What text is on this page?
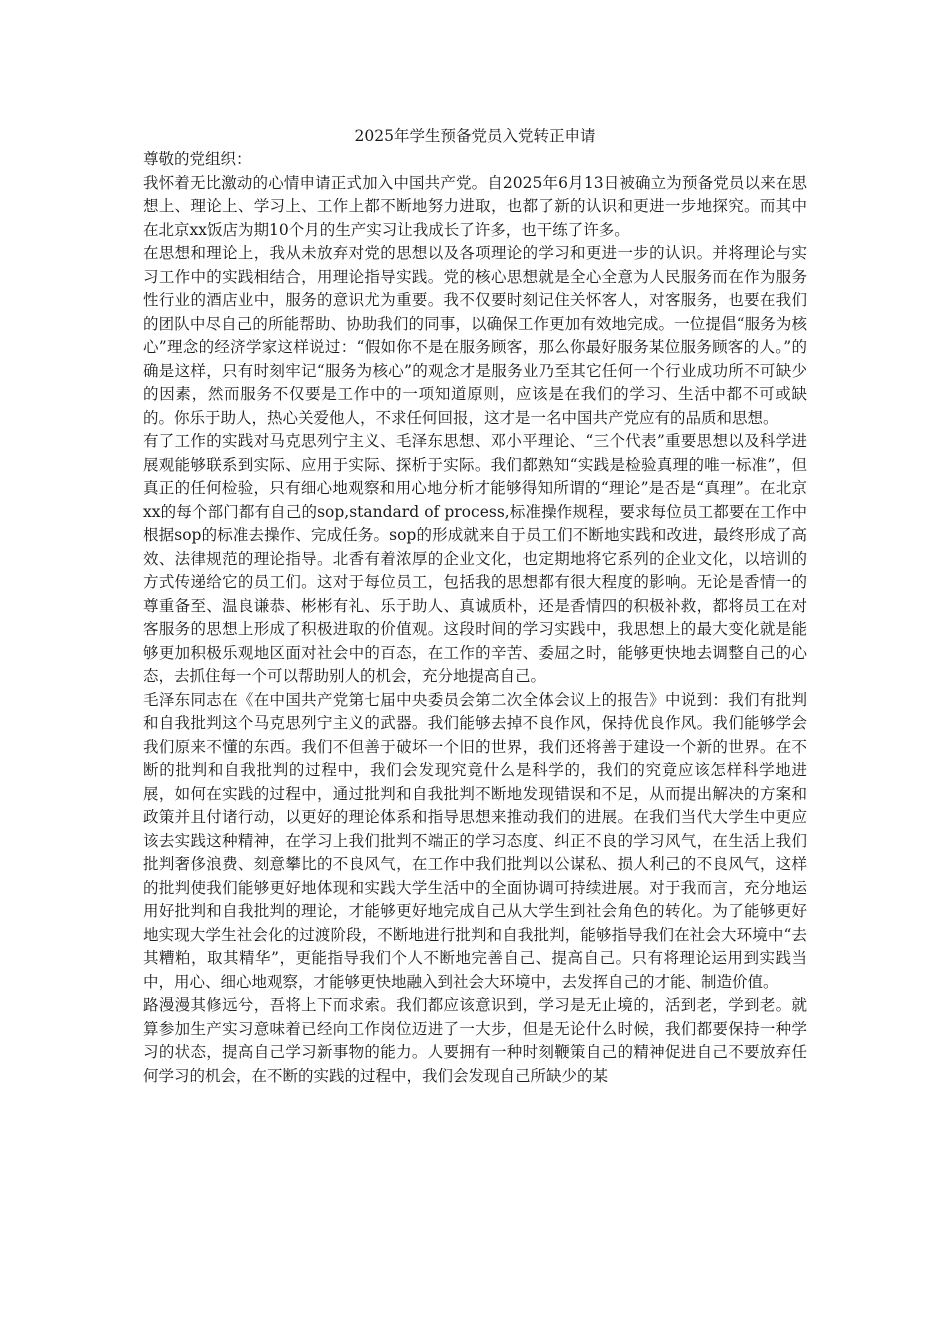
2025年学生预备党员入党转正申请

尊敬的党组织：

我怀着无比激动的心情申请正式加入中国共产党。自2025年6月13日被确立为预备党员以来在思想上、理论上、学习上、工作上都不断地努力进取，也都了新的认识和更进一步地探究。而其中在北京xx饭店为期10个月的生产实习让我成长了许多，也干练了许多。

在思想和理论上，我从未放弃对党的思想以及各项理论的学习和更进一步的认识。并将理论与实习工作中的实践相结合，用理论指导实践。党的核心思想就是全心全意为人民服务而在作为服务性行业的酒店业中，服务的意识尤为重要。我不仅要时刻记住关怀客人，对客服务，也要在我们的团队中尽自己的所能帮助、协助我们的同事，以确保工作更加有效地完成。一位提倡“服务为核心”理念的经济学家这样说过：“假如你不是在服务顾客，那么你最好服务某位服务顾客的人。”的确是这样，只有时刻牢记“服务为核心”的观念才是服务业乃至其它任何一个行业成功所不可缺少的因素，然而服务不仅要是工作中的一项知道原则，应该是在我们的学习、生活中都不可或缺的。你乐于助人，热心关爱他人，不求任何回报，这才是一名中国共产党应有的品质和思想。

有了工作的实践对马克思列宁主义、毛泽东思想、邓小平理论、“三个代表”重要思想以及科学进展观能够联系到实际、应用于实际、探析于实际。我们都熟知“实践是检验真理的唯一标准”，但真正的任何检验，只有细心地观察和用心地分析才能够得知所谓的“理论”是否是“真理”。在北京xx的每个部门都有自己的sop,standard of process,标准操作规程，要求每位员工都要在工作中根据sop的标准去操作、完成任务。sop的形成就来自于员工们不断地实践和改进，最终形成了高效、法律规范的理论指导。北香有着浓厚的企业文化，也定期地将它系列的企业文化，以培训的方式传递给它的员工们。这对于每位员工，包括我的思想都有很大程度的影响。无论是香情一的尊重备至、温良谦恭、彬彬有礼、乐于助人、真诚质朴，还是香情四的积极补救，都将员工在对客服务的思想上形成了积极进取的价值观。这段时间的学习实践中，我思想上的最大变化就是能够更加积极乐观地区面对社会中的百态，在工作的辛苦、委屈之时，能够更快地去调整自己的心态，去抓住每一个可以帮助别人的机会，充分地提高自己。

毛泽东同志在《在中国共产党第七届中央委员会第二次全体会议上的报告》中说到：我们有批判和自我批判这个马克思列宁主义的武器。我们能够去掉不良作风，保持优良作风。我们能够学会我们原来不懂的东西。我们不但善于破坏一个旧的世界，我们还将善于建设一个新的世界。在不断的批判和自我批判的过程中，我们会发现究竟什么是科学的，我们的究竟应该怎样科学地进展，如何在实践的过程中，通过批判和自我批判不断地发现错误和不足，从而提出解决的方案和政策并且付诸行动，以更好的理论体系和指导思想来推动我们的进展。在我们当代大学生中更应该去实践这种精神，在学习上我们批判不端正的学习态度、纠正不良的学习风气，在生活上我们批判奢侈浪费、刻意攀比的不良风气，在工作中我们批判以公谋私、损人利己的不良风气，这样的批判使我们能够更好地体现和实践大学生活中的全面协调可持续进展。对于我而言，充分地运用好批判和自我批判的理论，才能够更好地完成自己从大学生到社会角色的转化。为了能够更好地实现大学生社会化的过渡阶段，不断地进行批判和自我批判，能够指导我们在社会大环境中“去其糟粕，取其精华”，更能指导我们个人不断地完善自己、提高自己。只有将理论运用到实践当中，用心、细心地观察，才能够更快地融入到社会大环境中，去发挥自己的才能、制造价值。

路漫漫其修远兮，吾将上下而求索。我们都应该意识到，学习是无止境的，活到老，学到老。就算参加生产实习意味着已经向工作岗位迈进了一大步，但是无论什么时候，我们都要保持一种学习的状态，提高自己学习新事物的能力。人要拥有一种时刻鞭策自己的精神促进自己不要放弃任何学习的机会，在不断的实践的过程中，我们会发现自己所缺少的某
